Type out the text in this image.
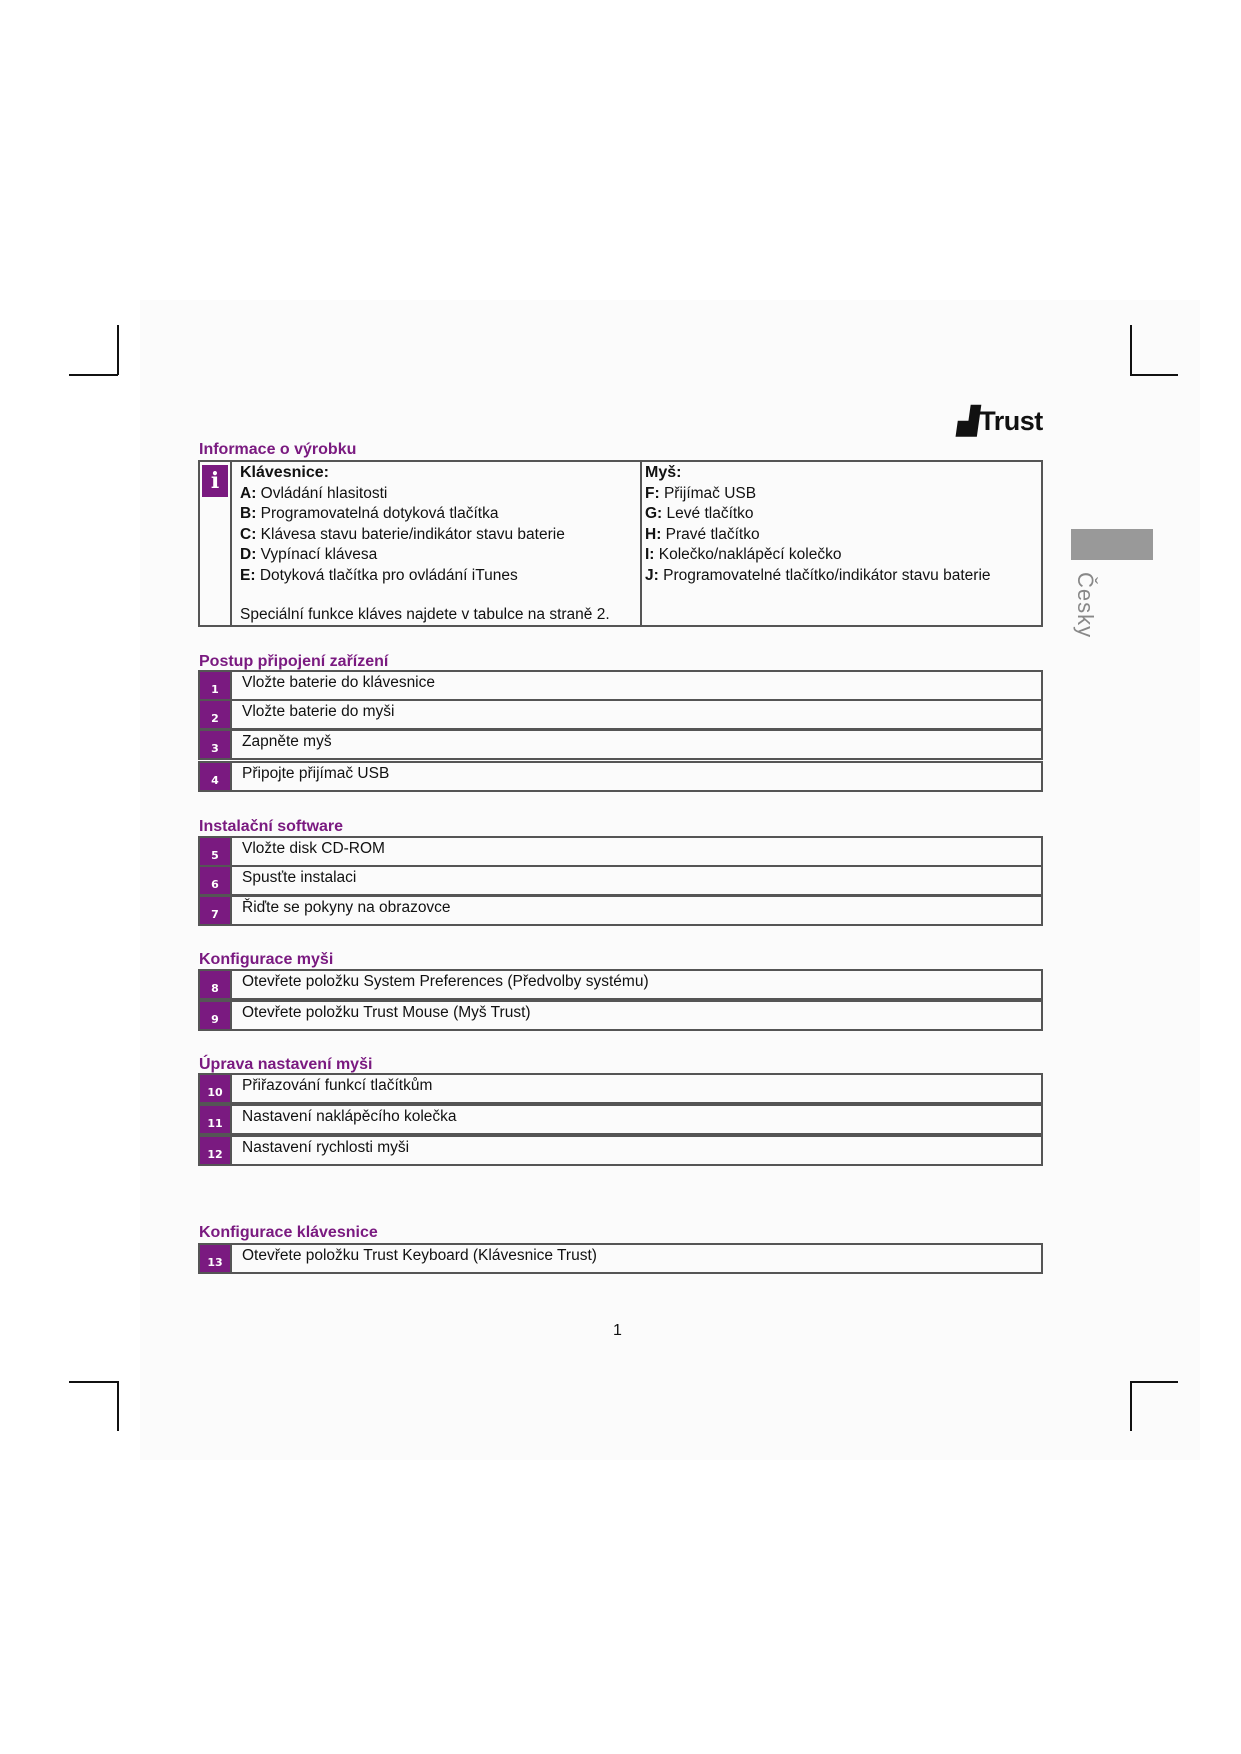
▟Trust
Česky
Informace o výrobku
i	Klávesnice:
A: Ovládání hlasitosti
B: Programovatelná dotyková tlačítka
C: Klávesa stavu baterie/indikátor stavu baterie
D: Vypínací klávesa
E: Dotyková tlačítka pro ovládání iTunes
Speciální funkce kláves najdete v tabulce na straně 2.
Myš:
F: Přijímač USB
G: Levé tlačítko
H: Pravé tlačítko
I: Kolečko/naklápěcí kolečko
J: Programovatelné tlačítko/indikátor stavu baterie
Postup připojení zařízení
1	Vložte baterie do klávesnice
2	Vložte baterie do myši
3	Zapněte myš
4	Připojte přijímač USB
Instalační software
5	Vložte disk CD-ROM
6	Spusťte instalaci
7	Řiďte se pokyny na obrazovce
Konfigurace myši
8	Otevřete položku System Preferences (Předvolby systému)
9	Otevřete položku Trust Mouse (Myš Trust)
Úprava nastavení myši
10	Přiřazování funkcí tlačítkům
11	Nastavení naklápěcího kolečka
12	Nastavení rychlosti myši
Konfigurace klávesnice
13	Otevřete položku Trust Keyboard (Klávesnice Trust)
1
